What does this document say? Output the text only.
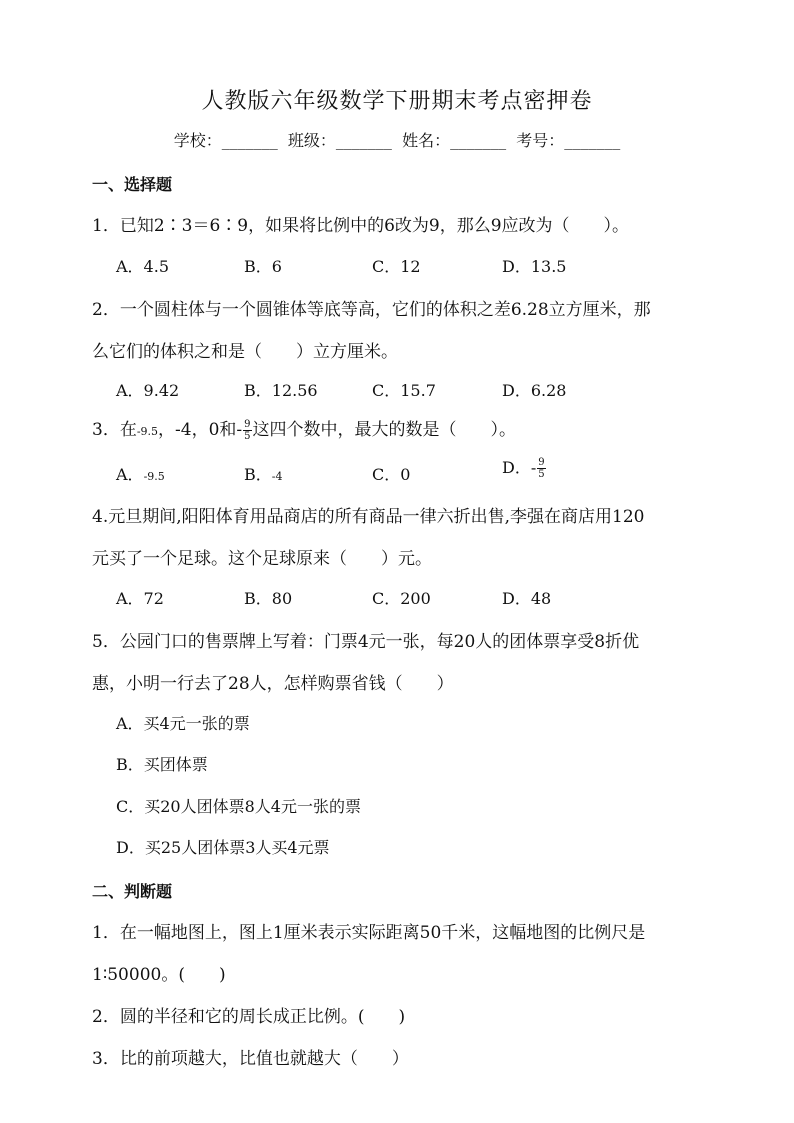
人教版六年级数学下册期末考点密押卷
学校：_______  班级：_______  姓名：_______  考号：_______
一、选择题
1．已知2∶3＝6∶9，如果将比例中的6改为9，那么9应改为（　　）。
A．4.5	B．6	C．12	D．13.5
2．一个圆柱体与一个圆锥体等底等高，它们的体积之差6.28立方厘米，那
么它们的体积之和是（　　）立方厘米。
A．9.42	B．12.56	C．15.7	D．6.28
3．在-9.5，-4，0和- $\frac{9}{5}$ 这四个数中，最大的数是（　　）。
A．-9.5	B．-4	C．0	D．- $\frac{9}{5}$
4.元旦期间,阳阳体育用品商店的所有商品一律六折出售,李强在商店用120
元买了一个足球。这个足球原来（　　）元。
A．72	B．80	C．200	D．48
5．公园门口的售票牌上写着：门票4元一张，每20人的团体票享受8折优
惠，小明一行去了28人，怎样购票省钱（　　）
A．买4元一张的票
B．买团体票
C．买20人团体票8人4元一张的票
D．买25人团体票3人买4元票
二、判断题
1．在一幅地图上，图上1厘米表示实际距离50千米，这幅地图的比例尺是
1∶50000。(　　)
2．圆的半径和它的周长成正比例。(　　)
3．比的前项越大，比值也就越大（　　）
